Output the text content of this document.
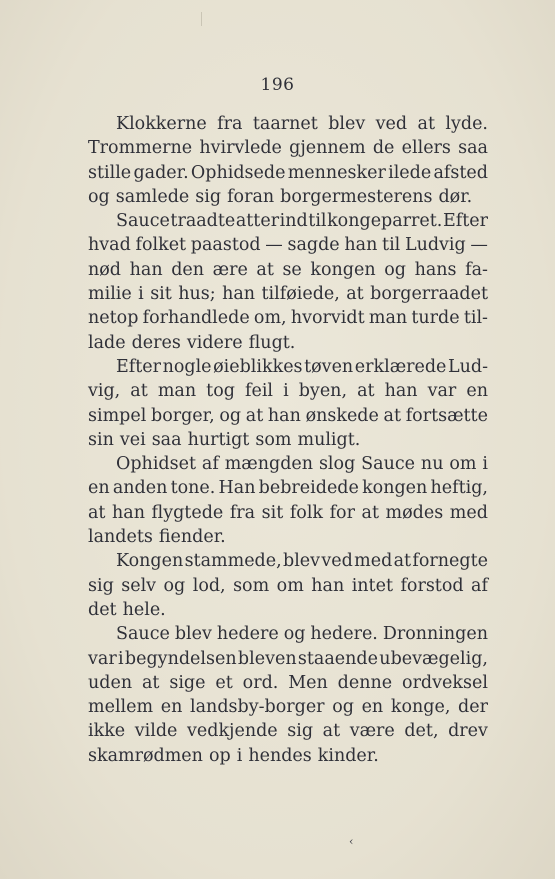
196
Klokkerne fra taarnet blev ved at lyde.
Trommerne hvirvlede gjennem de ellers saa
stille gader. Ophidsede mennesker ilede afsted
og samlede sig foran borgermesterens dør.
Sauce traadte atter ind til kongeparret. Efter
hvad folket paastod — sagde han til Ludvig —
nød han den ære at se kongen og hans fa-
milie i sit hus; han tilføiede, at borgerraadet
netop forhandlede om, hvorvidt man turde til-
lade deres videre flugt.
Efter nogle øieblikkes tøven erklærede Lud-
vig, at man tog feil i byen, at han var en
simpel borger, og at han ønskede at fortsætte
sin vei saa hurtigt som muligt.
Ophidset af mængden slog Sauce nu om i
en anden tone. Han bebreidede kongen heftig,
at han flygtede fra sit folk for at mødes med
landets fiender.
Kongen stammede, blev ved med at fornegte
sig selv og lod, som om han intet forstod af
det hele.
Sauce blev hedere og hedere. Dronningen
var i begyndelsen bleven staaende ubevægelig,
uden at sige et ord. Men denne ordveksel
mellem en landsby-borger og en konge, der
ikke vilde vedkjende sig at være det, drev
skamrødmen op i hendes kinder.
‹
